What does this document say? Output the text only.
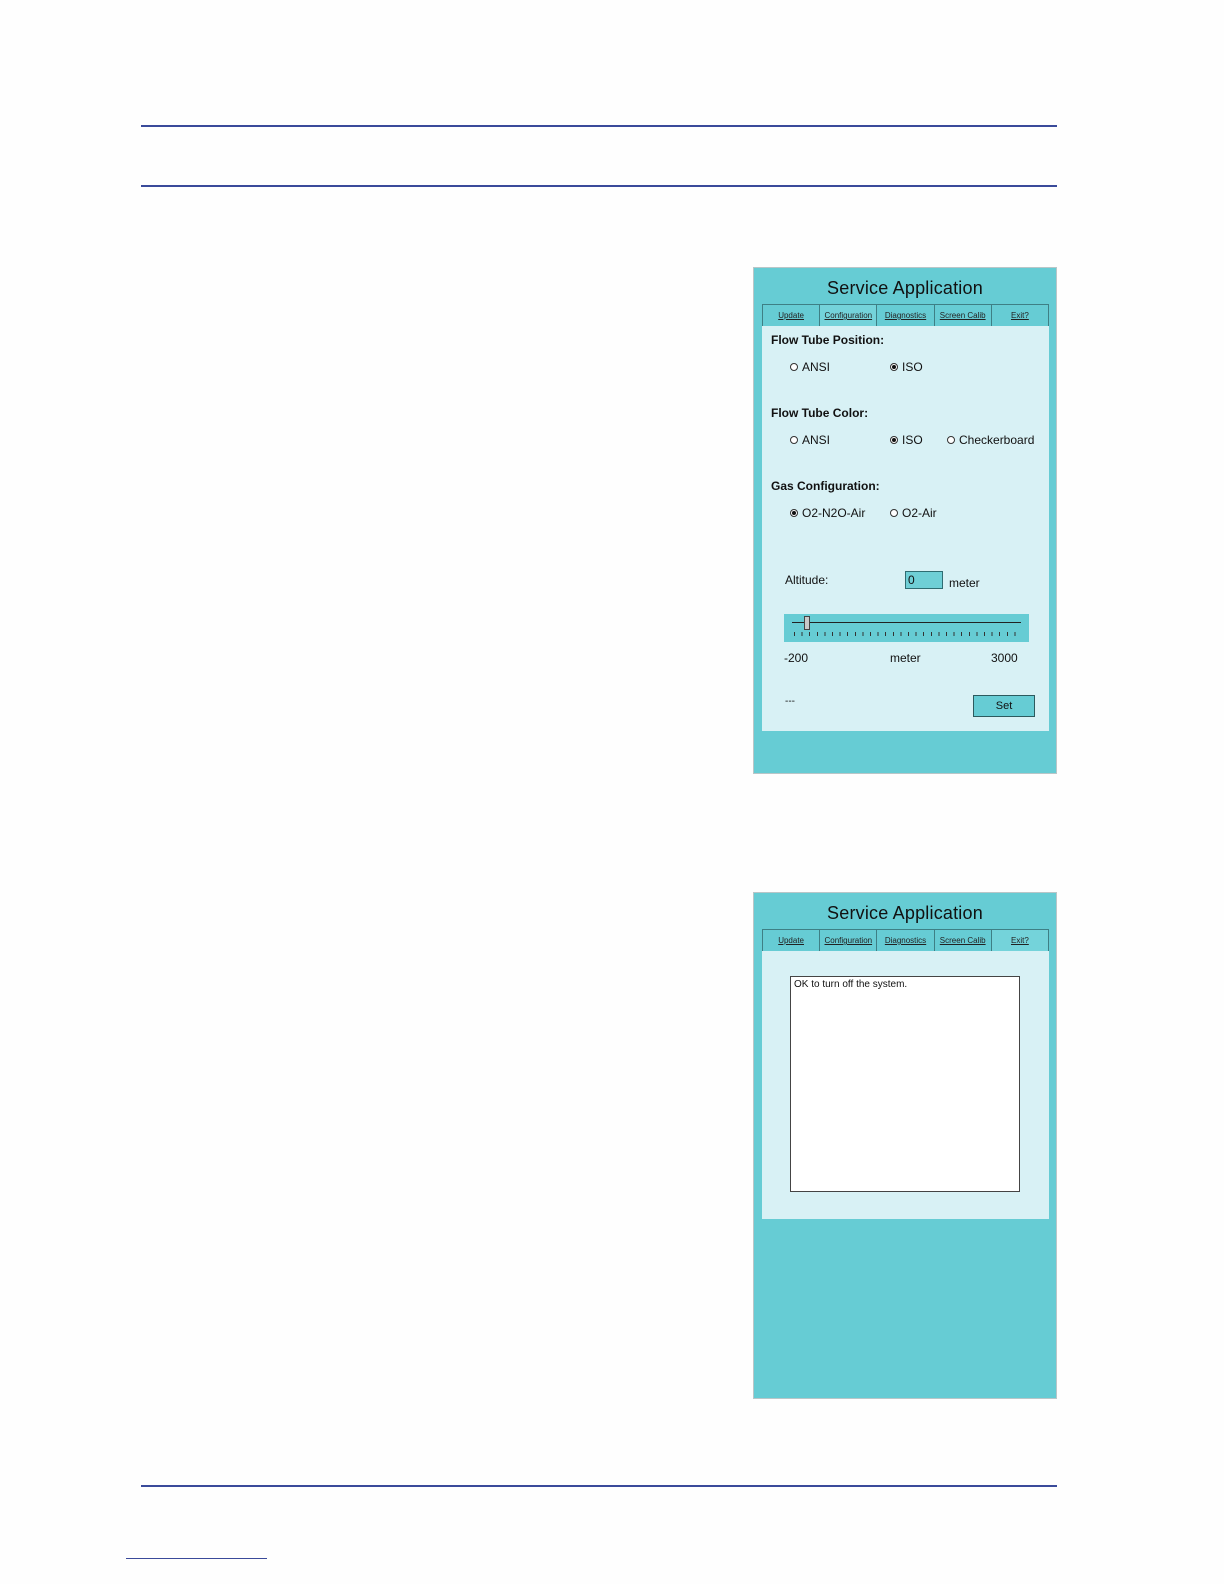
Service Application
Update	Configuration	Diagnostics	Screen Calib	Exit?
Flow Tube Position:
ANSI	ISO
Flow Tube Color:
ANSI	ISO	Checkerboard
Gas Configuration:
O2-N2O-Air	O2-Air
Altitude:
0	meter
-200	meter	3000
---	Set
Service Application
Update	Configuration	Diagnostics	Screen Calib	Exit?
OK to turn off the system.
